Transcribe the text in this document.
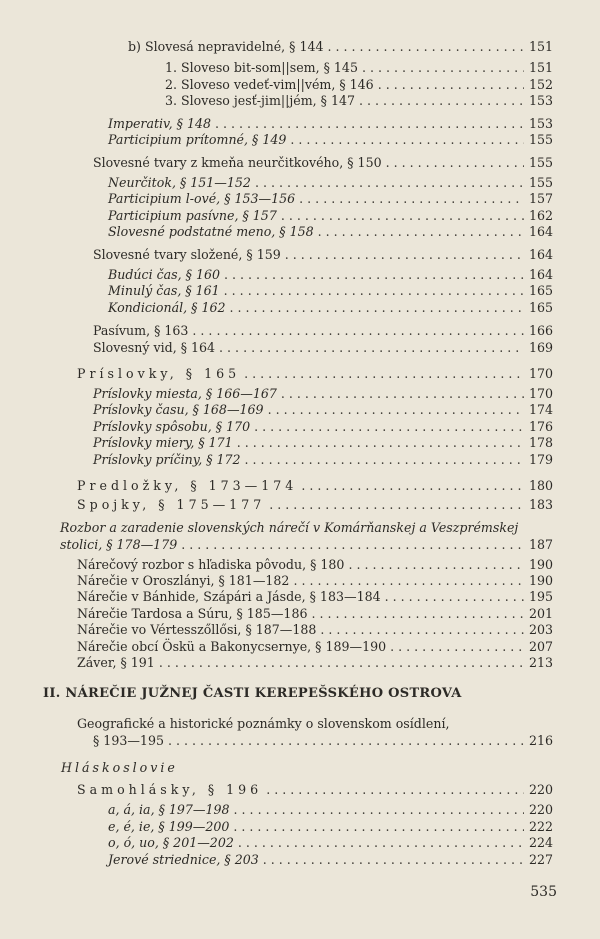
b) Slovesá nepravidelné, § 144 . . .	151
1. Sloveso bit-som||sem, § 145 . . .	151
2. Sloveso vedeť-vim||vém, § 146 . . .	152
3. Sloveso jesť-jim||jém, § 147 . . .	153
Imperativ, § 148 . . .	153
Participium prítomné, § 149 . . .	155
Slovesné tvary z kmeňa neurčitkového, § 150 . . .	155
Neurčitok, § 151—152 . . .	155
Participium l-ové, § 153—156 . . .	157
Participium pasívne, § 157 . . .	162
Slovesné podstatné meno, § 158 . . .	164
Slovesné tvary složené, § 159 . . .	164
Budúci čas, § 160 . . .	164
Minulý čas, § 161 . . .	165
Kondicionál, § 162 . . .	165
Pasívum, § 163 . . .	166
Slovesný vid, § 164 . . .	169
Príslovky, § 165 . . .	170
Príslovky miesta, § 166—167 . . .	170
Príslovky času, § 168—169 . . .	174
Príslovky spôsobu, § 170 . . .	176
Príslovky miery, § 171 . . .	178
Príslovky príčiny, § 172 . . .	179
Predložky, § 173—174 . . .	180
Spojky, § 175—177 . . .	183
Rozbor a zaradenie slovenských nárečí v Komárňanskej a Veszprémskej
stolici, § 178—179 . . .	187
Nárečový rozbor s hľadiska pôvodu, § 180 . . .	190
Nárečie v Oroszlányi, § 181—182 . . .	190
Nárečie v Bánhide, Szápári a Jásde, § 183—184 . . .	195
Nárečie Tardosa a Súru, § 185—186 . . .	201
Nárečie vo Vértesszőllősi, § 187—188 . . .	203
Nárečie obcí Öskü a Bakonycsernye, § 189—190 . . .	207
Záver, § 191 . . .	213
II. NÁREČIE JUŽNEJ ČASTI KEREPEŠSKÉHO OSTROVA
Geografické a historické poznámky o slovenskom osídlení,
§ 193—195 . . .	216
Hláskoslovie
Samohlásky, § 196 . . .	220
a, á, ia, § 197—198 . . .	220
e, é, ie, § 199—200 . . .	222
o, ó, uo, § 201—202 . . .	224
Jerové striednice, § 203 . . .	227
535
